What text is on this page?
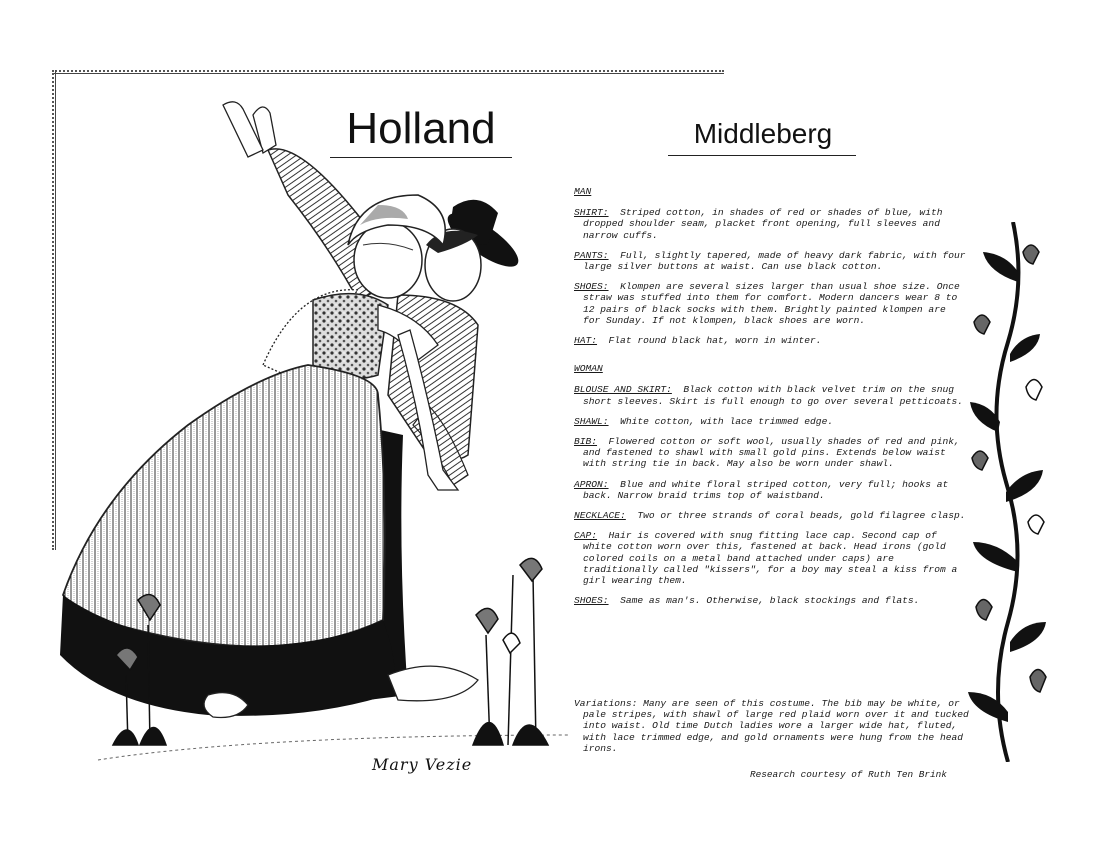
Holland	Middleberg
Mary Vezie
MAN
SHIRT: Striped cotton, in shades of red or shades of blue, with dropped shoulder seam, placket front opening, full sleeves and narrow cuffs.
PANTS: Full, slightly tapered, made of heavy dark fabric, with four large silver buttons at waist. Can use black cotton.
SHOES: Klompen are several sizes larger than usual shoe size. Once straw was stuffed into them for comfort. Modern dancers wear 8 to 12 pairs of black socks with them. Brightly painted klompen are for Sunday. If not klompen, black shoes are worn.
HAT: Flat round black hat, worn in winter.
WOMAN
BLOUSE AND SKIRT: Black cotton with black velvet trim on the snug short sleeves. Skirt is full enough to go over several petticoats.
SHAWL: White cotton, with lace trimmed edge.
BIB: Flowered cotton or soft wool, usually shades of red and pink, and fastened to shawl with small gold pins. Extends below waist with string tie in back. May also be worn under shawl.
APRON: Blue and white floral striped cotton, very full; hooks at back. Narrow braid trims top of waistband.
NECKLACE: Two or three strands of coral beads, gold filagree clasp.
CAP: Hair is covered with snug fitting lace cap. Second cap of white cotton worn over this, fastened at back. Head irons (gold colored coils on a metal band attached under caps) are traditionally called "kissers", for a boy may steal a kiss from a girl wearing them.
SHOES: Same as man's. Otherwise, black stockings and flats.
Variations: Many are seen of this costume. The bib may be white, or pale stripes, with shawl of large red plaid worn over it and tucked into waist. Old time Dutch ladies wore a larger wide hat, fluted, with lace trimmed edge, and gold ornaments were hung from the head irons.
Research courtesy of Ruth Ten Brink
